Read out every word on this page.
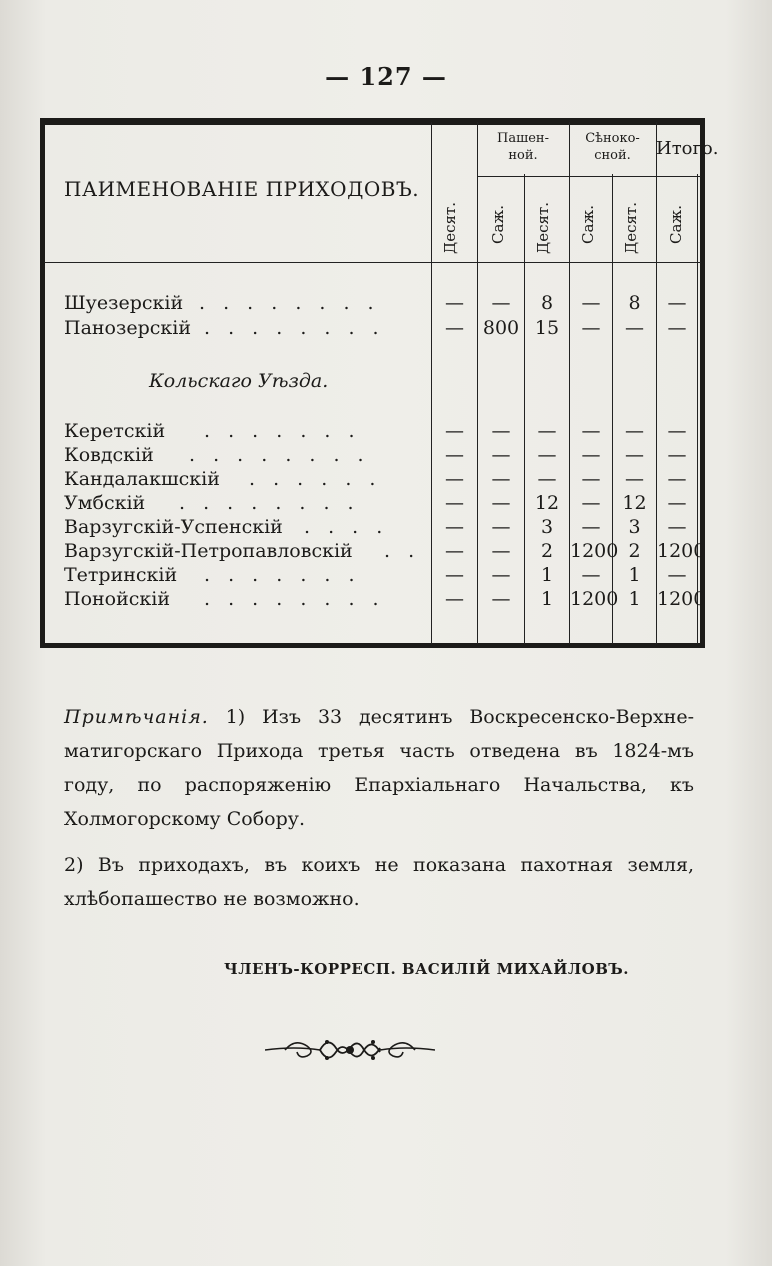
— 127 —
ПАИМЕНОВАНІЕ ПРИХОДОВЪ.
Пашен-
ной.
Сѣноко-
сной.	Итого.
Десят. Саж. Десят. Саж. Десят. Саж.
Шуезерскій . . . . . . . .	—	—	8	—	8	—
Панозерскій . . . . . . . .	— 800 15	—	—	—
Кольскаго Уѣзда.
Керетскій . . . . . . .	—	—	—	—	—	—
Ковдскій . . . . . . . .	—	—	—	—	—	—
Кандалакшскій . . . . . .	—	—	—	—	—	—
Умбскій . . . . . . . .	—	—	12	—	12	—
Варзугскій-Успенскій . . . .	—	—	3	—	3	—
Варзугскій-Петропавловскій . .	—	—	2 1200 2 1200
Тетринскій . . . . . . .	—	—	1	—	1	—
Понойскій . . . . . . . .	—	—	1 1200 1 1200

Примѣчанія. 1) Изъ 33 десятинъ Воскресенско-Верхне-матигорскаго Прихода третья часть отведена въ 1824-мъ году, по распоряженію Епархіальнаго Начальства, къ Холмогорскому Собору.

2) Въ приходахъ, въ коихъ не показана пахотная земля, хлѣбопашество не возможно.

ЧЛЕНЪ-КОРРЕСП. ВАСИЛІЙ МИХАЙЛОВЪ.
